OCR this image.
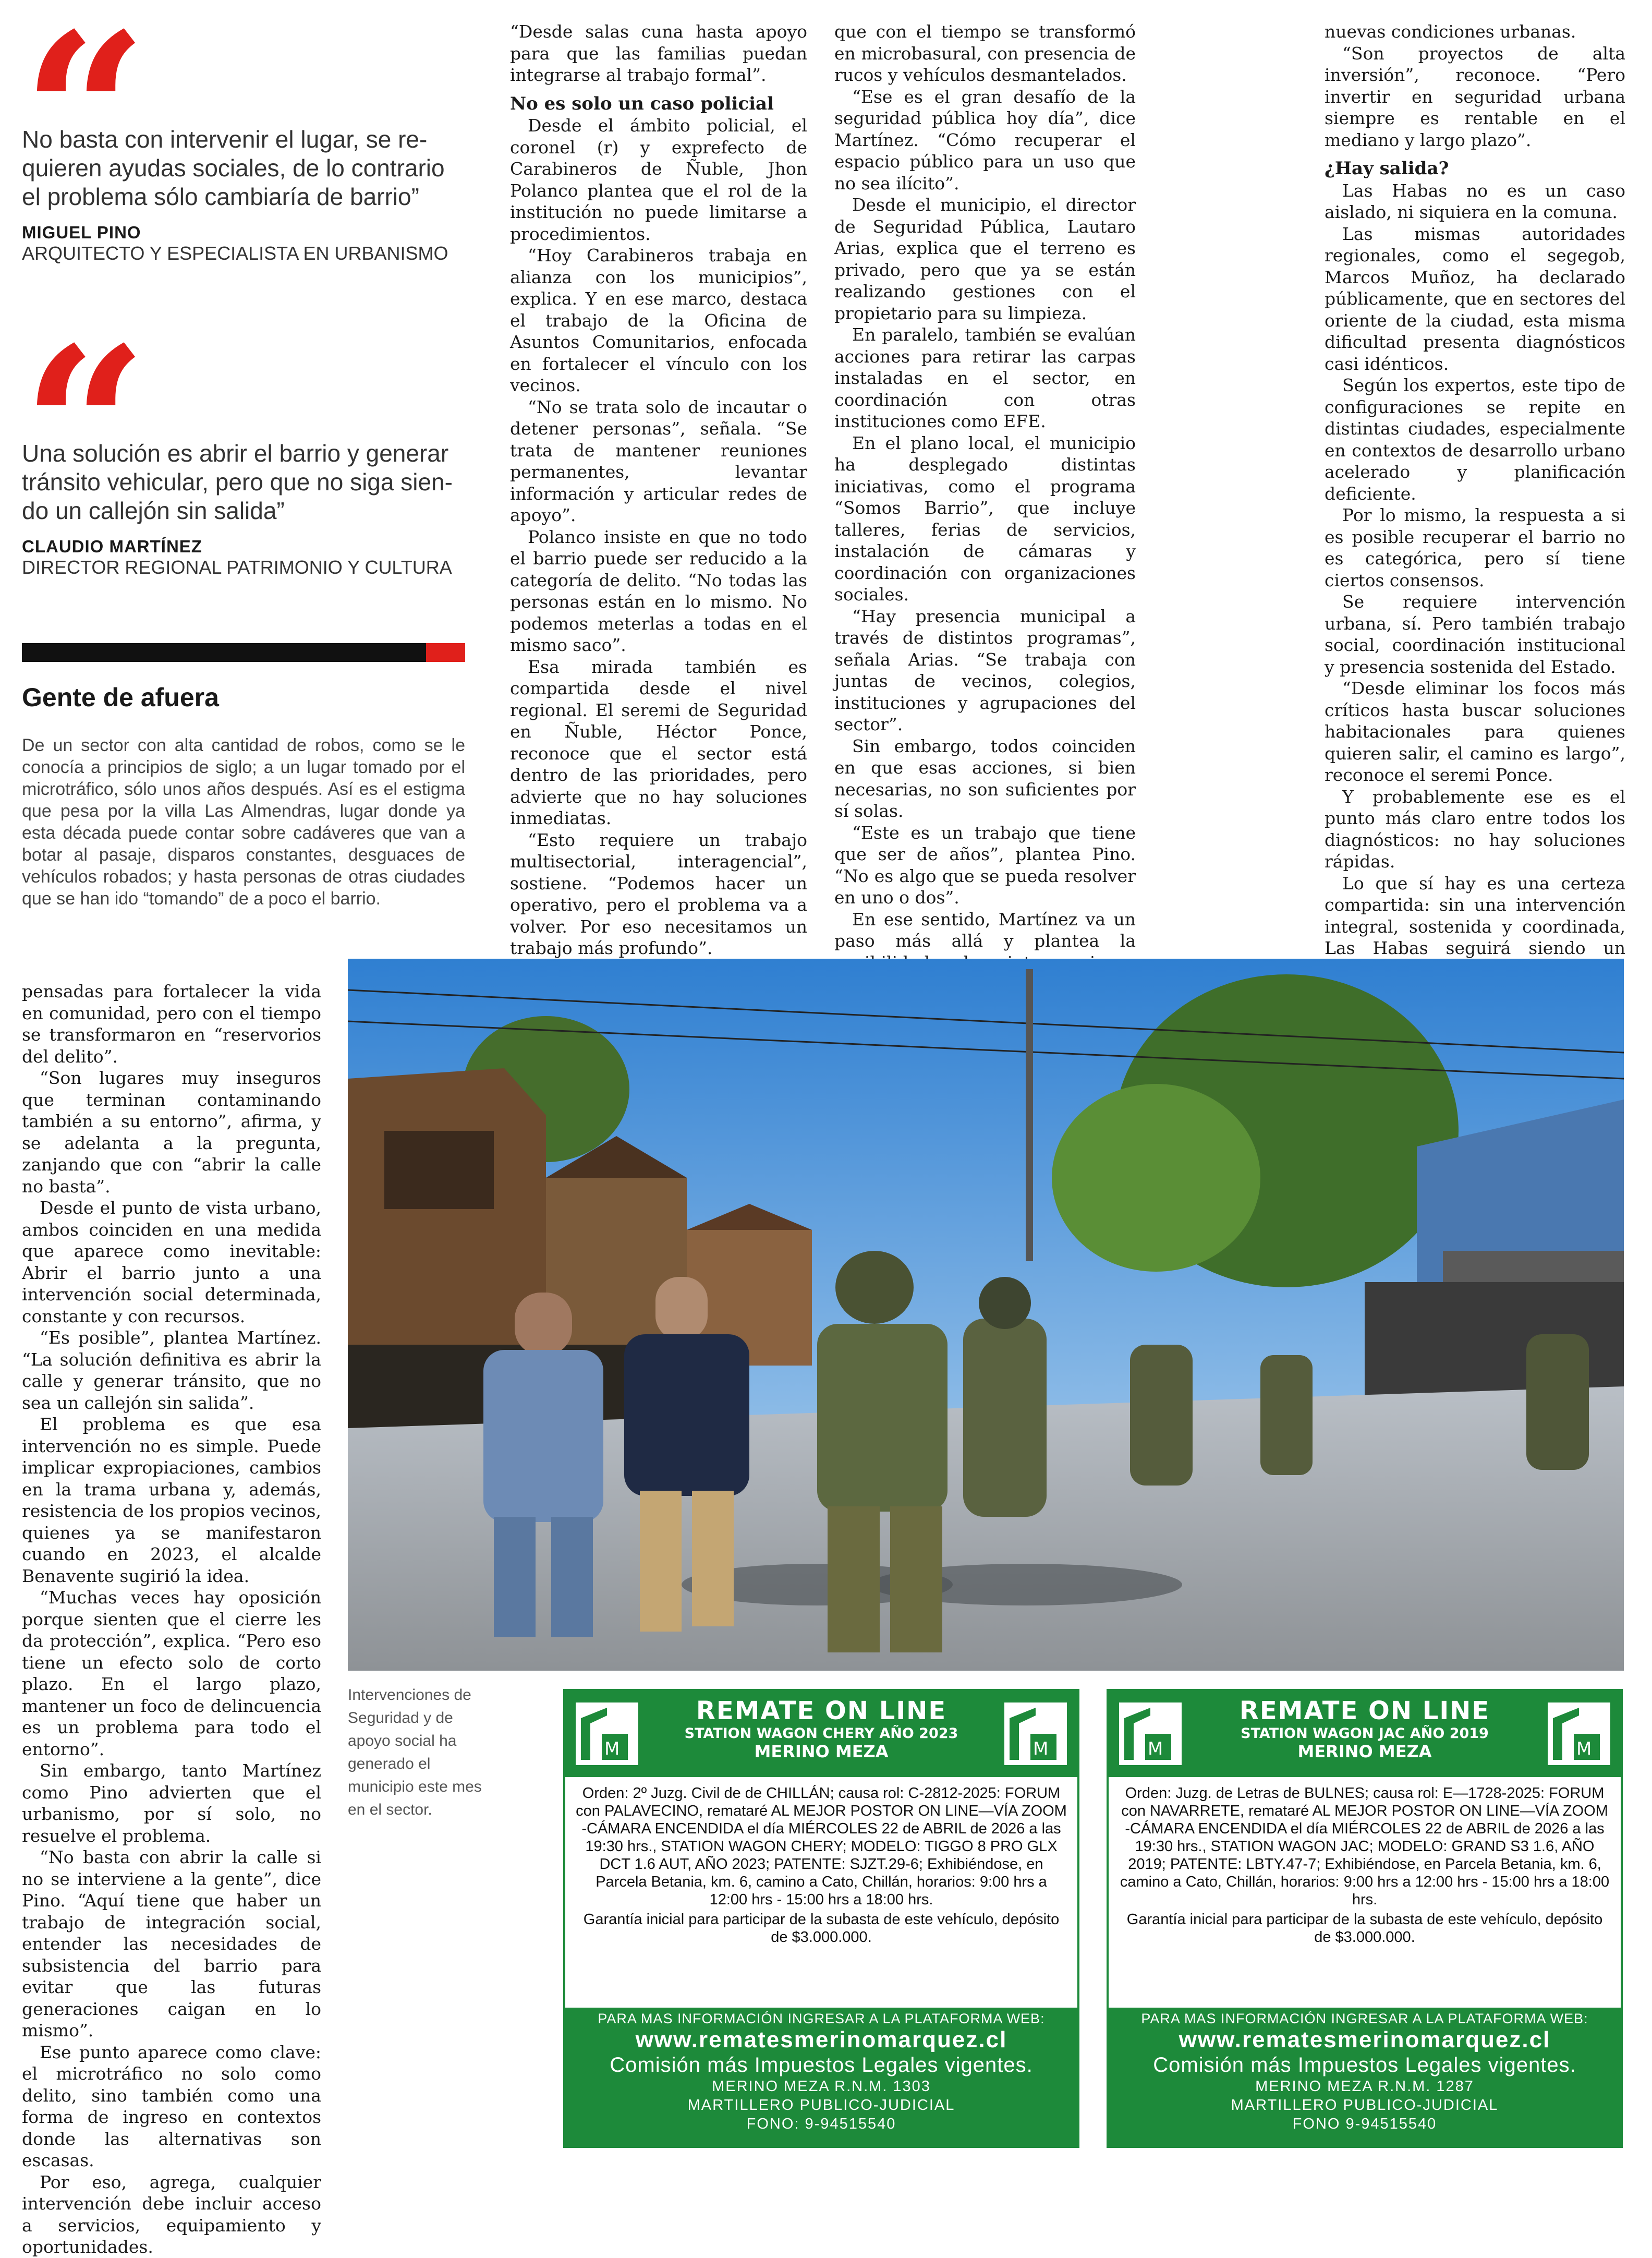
No basta con intervenir el lugar, se re-quieren ayudas sociales, de lo contrario el problema sólo cambiaría de barrio”
MIGUEL PINO
ARQUITECTO Y ESPECIALISTA EN URBANISMO
Una solución es abrir el barrio y generar tránsito vehicular, pero que no siga sien-do un callejón sin salida”
CLAUDIO MARTÍNEZ
DIRECTOR REGIONAL PATRIMONIO Y CULTURA
Gente de afuera
De un sector con alta cantidad de robos, como se le conocía a principios de siglo; a un lugar tomado por el microtráfico, sólo unos años después. Así es el estigma que pesa por la villa Las Almendras, lugar donde ya esta década puede contar sobre cadáveres que van a botar al pasaje, disparos constantes, desguaces de vehículos robados; y hasta personas de otras ciudades que se han ido “tomando” de a poco el barrio.

“Desde salas cuna hasta apoyo para que las familias puedan integrarse al trabajo formal”.

No es solo un caso policial

Desde el ámbito policial, el coronel (r) y exprefecto de Carabineros de Ñuble, Jhon Polanco plantea que el rol de la institución no puede limitarse a procedimientos.

“Hoy Carabineros trabaja en alianza con los municipios”, explica. Y en ese marco, destaca el trabajo de la Oficina de Asuntos Comunitarios, enfocada en fortalecer el vínculo con los vecinos.

“No se trata solo de incautar o detener personas”, señala. “Se trata de mantener reuniones permanentes, levantar información y articular redes de apoyo”.

Polanco insiste en que no todo el barrio puede ser reducido a la categoría de delito. “No todas las personas están en lo mismo. No podemos meterlas a todas en el mismo saco”.

Esa mirada también es compartida desde el nivel regional. El seremi de Seguridad en Ñuble, Héctor Ponce, reconoce que el sector está dentro de las prioridades, pero advierte que no hay soluciones inmediatas.

“Esto requiere un trabajo multisectorial, interagencial”, sostiene. “Podemos hacer un operativo, pero el problema va a volver. Por eso necesitamos un trabajo más profundo”.

que con el tiempo se transformó en microbasural, con presencia de rucos y vehículos desmantelados.

“Ese es el gran desafío de la seguridad pública hoy día”, dice Martínez. “Cómo recuperar el espacio público para un uso que no sea ilícito”.

Desde el municipio, el director de Seguridad Pública, Lautaro Arias, explica que el terreno es privado, pero que ya se están realizando gestiones con el propietario para su limpieza.

En paralelo, también se evalúan acciones para retirar las carpas instaladas en el sector, en coordinación con otras instituciones como EFE.

En el plano local, el municipio ha desplegado distintas iniciativas, como el programa “Somos Barrio”, que incluye talleres, ferias de servicios, instalación de cámaras y coordinación con organizaciones sociales.

“Hay presencia municipal a través de distintos programas”, señala Arias. “Se trabaja con juntas de vecinos, colegios, instituciones y agrupaciones del sector”.

Sin embargo, todos coinciden en que esas acciones, si bien necesarias, no son suficientes por sí solas.

“Este es un trabajo que tiene que ser de años”, plantea Pino. “No es algo que se pueda resolver en uno o dos”.

En ese sentido, Martínez va un paso más allá y plantea la

nuevas condiciones urbanas.

“Son proyectos de alta inversión”, reconoce. “Pero invertir en seguridad urbana siempre es rentable en el mediano y largo plazo”.

¿Hay salida?

Las Habas no es un caso aislado, ni siquiera en la comuna.

Las mismas autoridades regionales, como el segegob, Marcos Muñoz, ha declarado públicamente, que en sectores del oriente de la ciudad, esta misma dificultad presenta diagnósticos casi idénticos.

Según los expertos, este tipo de configuraciones se repite en distintas ciudades, especialmente en contextos de desarrollo urbano acelerado y planificación deficiente.

Por lo mismo, la respuesta a si es posible recuperar el barrio no es categórica, pero sí tiene ciertos consensos.

Se requiere intervención urbana, sí. Pero también trabajo social, coordinación institucional y presencia sostenida del Estado.

“Desde eliminar los focos más críticos hasta buscar soluciones habitacionales para quienes quieren salir, el camino es largo”, reconoce el seremi Ponce.

Y probablemente ese es el punto más claro entre todos los diagnósticos: no hay soluciones rápidas.

Lo que sí hay es una certeza compartida: sin una intervención integral, sostenida y coordinada, Las Habas seguirá siendo un

pensadas para fortalecer la vida en comunidad, pero con el tiempo se transformaron en “reservorios del delito”.

“Son lugares muy inseguros que terminan contaminando también a su entorno”, afirma, y se adelanta a la pregunta, zanjando que con “abrir la calle no basta”.

Desde el punto de vista urbano, ambos coinciden en una medida que aparece como inevitable: Abrir el barrio junto a una intervención social determinada, constante y con recursos.

“Es posible”, plantea Martínez. “La solución definitiva es abrir la calle y generar tránsito, que no sea un callejón sin salida”.

El problema es que esa intervención no es simple. Puede implicar expropiaciones, cambios en la trama urbana y, además, resistencia de los propios vecinos, quienes ya se manifestaron cuando en 2023, el alcalde Benavente sugirió la idea.

“Muchas veces hay oposición porque sienten que el cierre les da protección”, explica. “Pero eso tiene un efecto solo de corto plazo. En el largo plazo, mantener un foco de delincuencia es un problema para todo el entorno”.

Sin embargo, tanto Martínez como Pino advierten que el urbanismo, por sí solo, no resuelve el problema.

“No basta con abrir la calle si no se interviene a la gente”, dice Pino. “Aquí tiene que haber un trabajo de integración social, entender las necesidades de subsistencia del barrio para evitar que las futuras generaciones caigan en lo mismo”.

Ese punto aparece como clave: el microtráfico no solo como delito, sino también como una forma de ingreso en contextos donde las alternativas son escasas.

Por eso, agrega, cualquier intervención debe incluir acceso a servicios, equipamiento y oportunidades.

Intervenciones de Seguridad y de apoyo social ha generado el municipio este mes en el sector.
M	M
REMATE ON LINE
STATION WAGON CHERY AÑO 2023
MERINO MEZA
Orden: 2º Juzg. Civil de de CHILLÁN; causa rol: C-2812-2025: FORUM con PALAVECINO, remataré AL MEJOR POSTOR ON LINE—VÍA ZOOM -CÁMARA ENCENDIDA el día MIÉRCOLES 22 de ABRIL de 2026 a las 19:30 hrs., STATION WAGON CHERY; MODELO: TIGGO 8 PRO GLX DCT 1.6 AUT, AÑO 2023; PATENTE: SJZT.29-6; Exhibiéndose, en Parcela Betania, km. 6, camino a Cato, Chillán, horarios: 9:00 hrs a 12:00 hrs - 15:00 hrs a 18:00 hrs.
Garantía inicial para participar de la subasta de este vehículo, depósito de $3.000.000.
PARA MAS INFORMACIÓN INGRESAR A LA PLATAFORMA WEB:
www.rematesmerinomarquez.cl
Comisión más Impuestos Legales vigentes.
MERINO MEZA R.N.M. 1303
MARTILLERO PUBLICO-JUDICIAL
FONO: 9-94515540
M	M
REMATE ON LINE
STATION WAGON JAC AÑO 2019
MERINO MEZA
Orden: Juzg. de Letras de BULNES; causa rol: E—1728-2025: FORUM con NAVARRETE, remataré AL MEJOR POSTOR ON LINE—VÍA ZOOM -CÁMARA ENCENDIDA el día MIÉRCOLES 22 de ABRIL de 2026 a las 19:30 hrs., STATION WAGON JAC; MODELO: GRAND S3 1.6, AÑO 2019; PATENTE: LBTY.47-7; Exhibiéndose, en Parcela Betania, km. 6, camino a Cato, Chillán, horarios: 9:00 hrs a 12:00 hrs - 15:00 hrs a 18:00 hrs.
Garantía inicial para participar de la subasta de este vehículo, depósito de $3.000.000.
PARA MAS INFORMACIÓN INGRESAR A LA PLATAFORMA WEB:
www.rematesmerinomarquez.cl
Comisión más Impuestos Legales vigentes.
MERINO MEZA R.N.M. 1287
MARTILLERO PUBLICO-JUDICIAL
FONO 9-94515540
